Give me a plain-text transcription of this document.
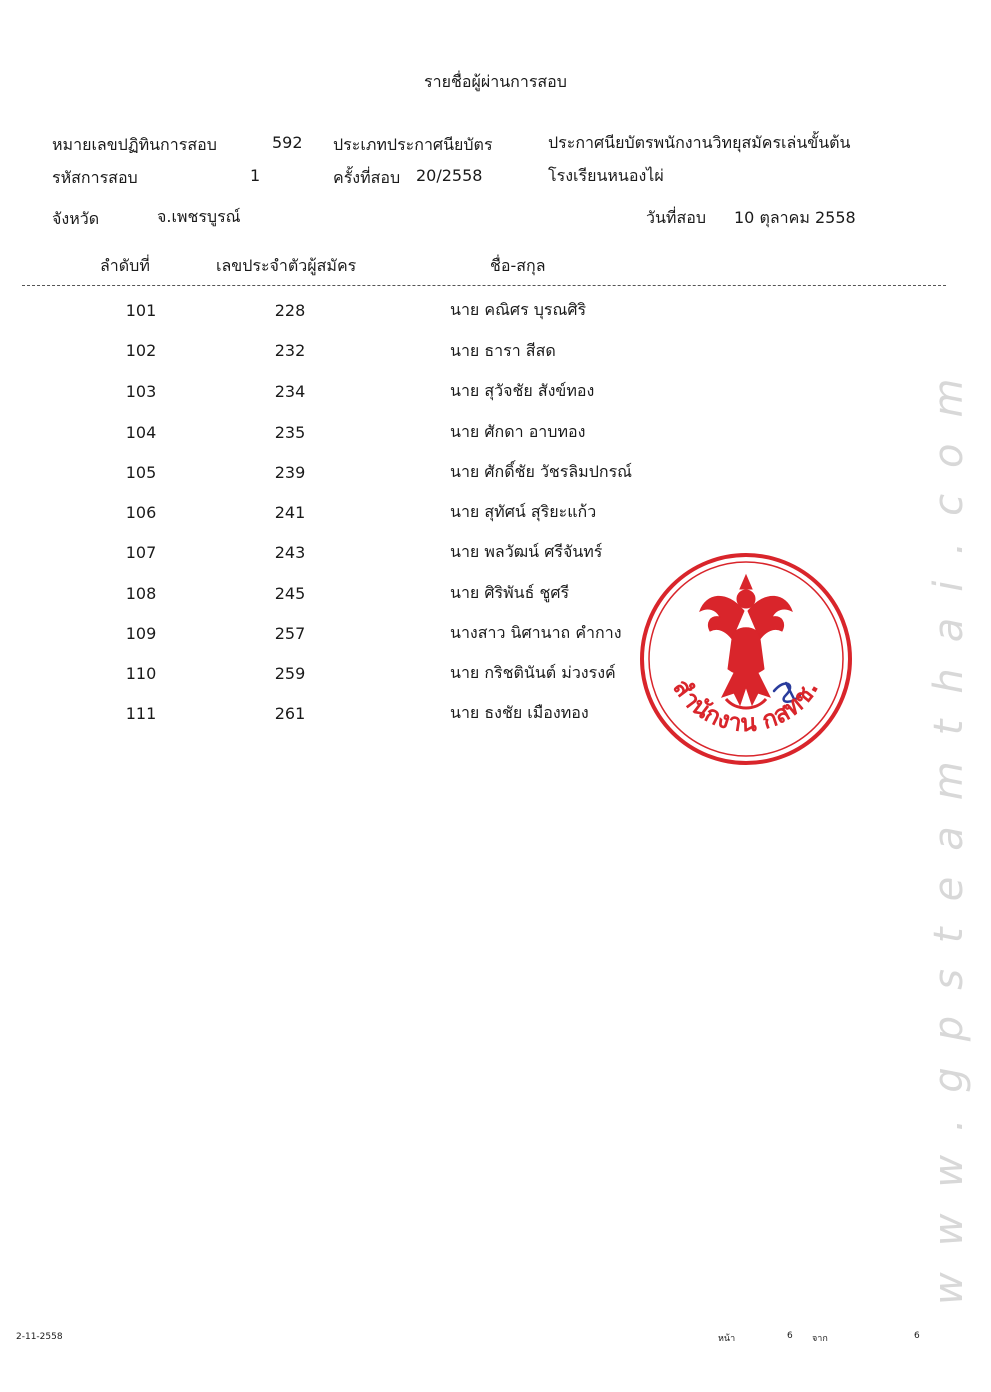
รายชื่อผู้ผ่านการสอบ
หมายเลขปฏิทินการสอบ	592 ประเภทประกาศนียบัตร	ประกาศนียบัตรพนักงานวิทยุสมัครเล่นขั้นต้น
รหัสการสอบ	1	ครั้งที่สอบ 20/2558	โรงเรียนหนองไผ่
จังหวัด	จ.เพชรบูรณ์	วันที่สอบ 10 ตุลาคม 2558
ลำดับที่	เลขประจำตัวผู้สมัคร	ชื่อ-สกุล
101	228	นาย คณิศร บุรณศิริ
102	232	นาย ธารา สีสด
103	234	นาย สุวัจชัย สังข์ทอง
104	235	นาย ศักดา อาบทอง
105	239	นาย ศักดิ์ชัย วัชรลิมปกรณ์
106	241	นาย สุทัศน์ สุริยะแก้ว
107	243	นาย พลวัฒน์ ศรีจันทร์
108	245	นาย ศิริพันธ์ ชูศรี
109	257	นางสาว นิศานาถ คำกาง
110	259	นาย กริชตินันต์ ม่วงรงค์
111	261	นาย ธงชัย เมืองทอง	สำนักงาน กสทช.	www.gpsteamthai.com
2-11-2558	หน้า	6 จาก	6
